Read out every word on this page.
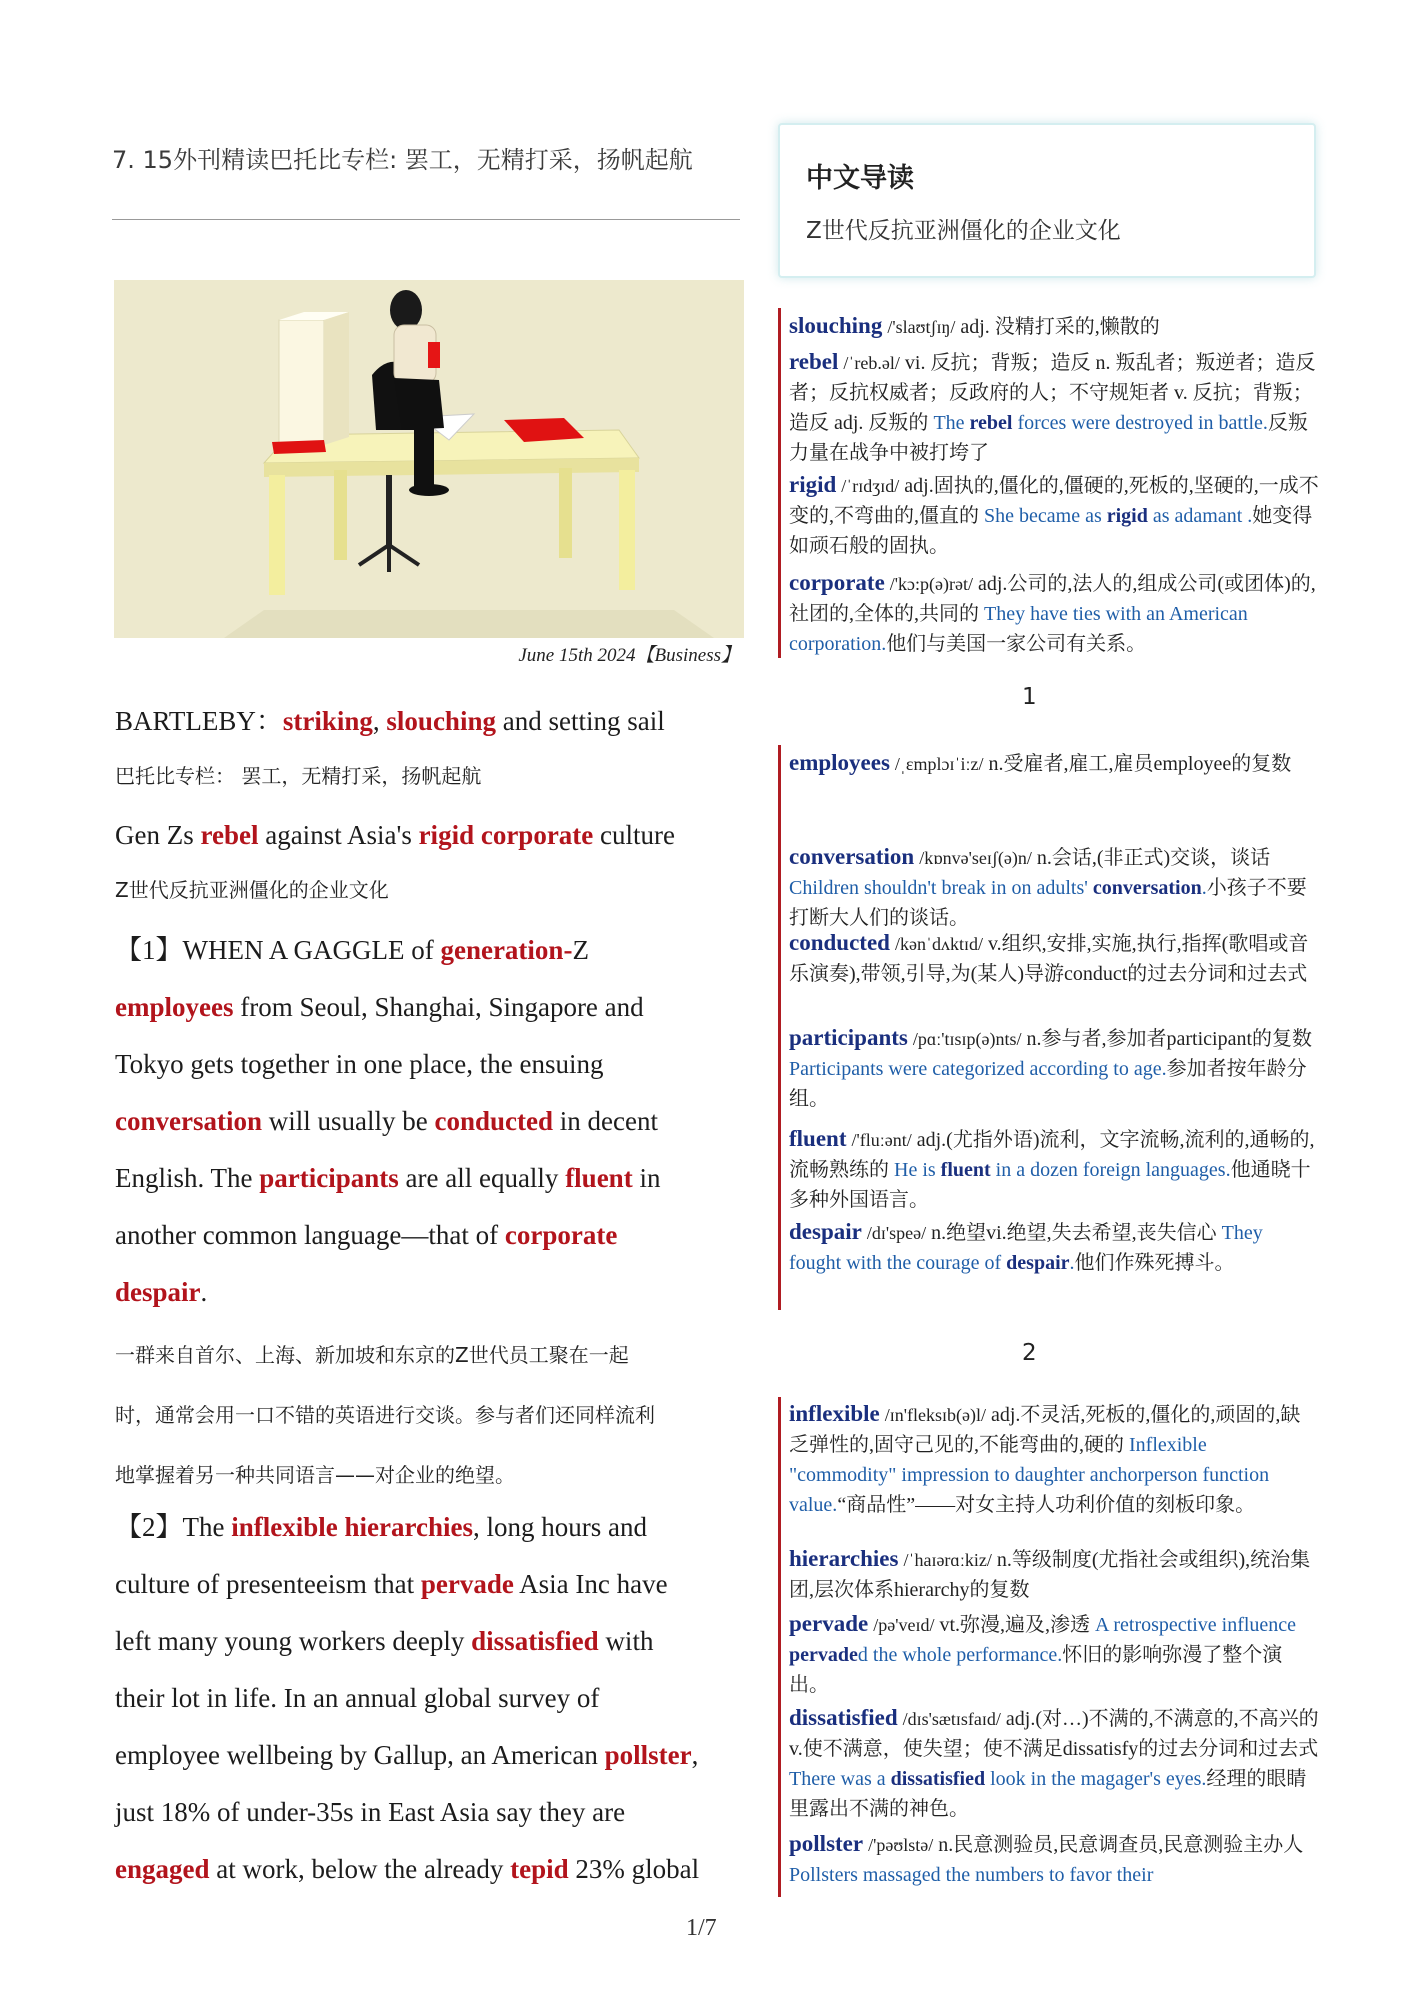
7. 15外刊精读巴托比专栏: 罢工，无精打采，扬帆起航
June 15th 2024【Business】
BARTLEBY：striking, slouching and setting sail
巴托比专栏： 罢工，无精打采，扬帆起航
Gen Zs rebel against Asia's rigid corporate culture
Z世代反抗亚洲僵化的企业文化
【1】WHEN A GAGGLE of generation-Z
employees from Seoul, Shanghai, Singapore and
Tokyo gets together in one place, the ensuing
conversation will usually be conducted in decent
English. The participants are all equally fluent in
another common language—that of corporate
despair.
一群来自首尔、上海、新加坡和东京的Z世代员工聚在一起
时，通常会用一口不错的英语进行交谈。参与者们还同样流利
地掌握着另一种共同语言——对企业的绝望。
【2】The inflexible hierarchies, long hours and
culture of presenteeism that pervade Asia Inc have
left many young workers deeply dissatisfied with
their lot in life. In an annual global survey of
employee wellbeing by Gallup, an American pollster,
just 18% of under-35s in East Asia say they are
engaged at work, below the already tepid 23% global
中文导读
Z世代反抗亚洲僵化的企业文化
slouching /'slaʊtʃɪŋ/ adj. 没精打采的,懒散的
rebel /ˈreb.əl/ vi. 反抗；背叛；造反 n. 叛乱者；叛逆者；造反者；反抗权威者；反政府的人；不守规矩者 v. 反抗；背叛；造反 adj. 反叛的 The rebel forces were destroyed in battle.反叛力量在战争中被打垮了
rigid /ˈrɪdʒɪd/ adj.固执的,僵化的,僵硬的,死板的,坚硬的,一成不变的,不弯曲的,僵直的 She became as rigid as adamant .她变得如顽石般的固执。
corporate /'kɔ:p(ə)rət/ adj.公司的,法人的,组成公司(或团体)的,社团的,全体的,共同的 They have ties with an American corporation.他们与美国一家公司有关系。
1
employees /ˌɛmplɔɪˈiːz/ n.受雇者,雇工,雇员employee的复数
conversation /kɒnvə'seɪʃ(ə)n/ n.会话,(非正式)交谈，谈话 Children shouldn't break in on adults' conversation.小孩子不要打断大人们的谈话。
conducted /kənˈdʌktɪd/ v.组织,安排,实施,执行,指挥(歌唱或音乐演奏),带领,引导,为(某人)导游conduct的过去分词和过去式
participants /pɑː'tɪsɪp(ə)nts/ n.参与者,参加者participant的复数 Participants were categorized according to age.参加者按年龄分组。
fluent /'fluːənt/ adj.(尤指外语)流利，文字流畅,流利的,通畅的,流畅熟练的 He is fluent in a dozen foreign languages.他通晓十多种外国语言。
despair /dɪ'speə/ n.绝望vi.绝望,失去希望,丧失信心 They fought with the courage of despair.他们作殊死搏斗。
2
inflexible /ɪn'fleksɪb(ə)l/ adj.不灵活,死板的,僵化的,顽固的,缺乏弹性的,固守己见的,不能弯曲的,硬的 Inflexible "commodity" impression to daughter anchorperson function value.“商品性”——对女主持人功利价值的刻板印象。
hierarchies /ˈhaɪərɑːkiz/ n.等级制度(尤指社会或组织),统治集团,层次体系hierarchy的复数
pervade /pə'veɪd/ vt.弥漫,遍及,渗透 A retrospective influence pervaded the whole performance.怀旧的影响弥漫了整个演出。
dissatisfied /dɪs'sætɪsfaɪd/ adj.(对…)不满的,不满意的,不高兴的v.使不满意，使失望；使不满足dissatisfy的过去分词和过去式 There was a dissatisfied look in the magager's eyes.经理的眼睛里露出不满的神色。
pollster /'pəʊlstə/ n.民意测验员,民意调查员,民意测验主办人 Pollsters massaged the numbers to favor their
1/7
